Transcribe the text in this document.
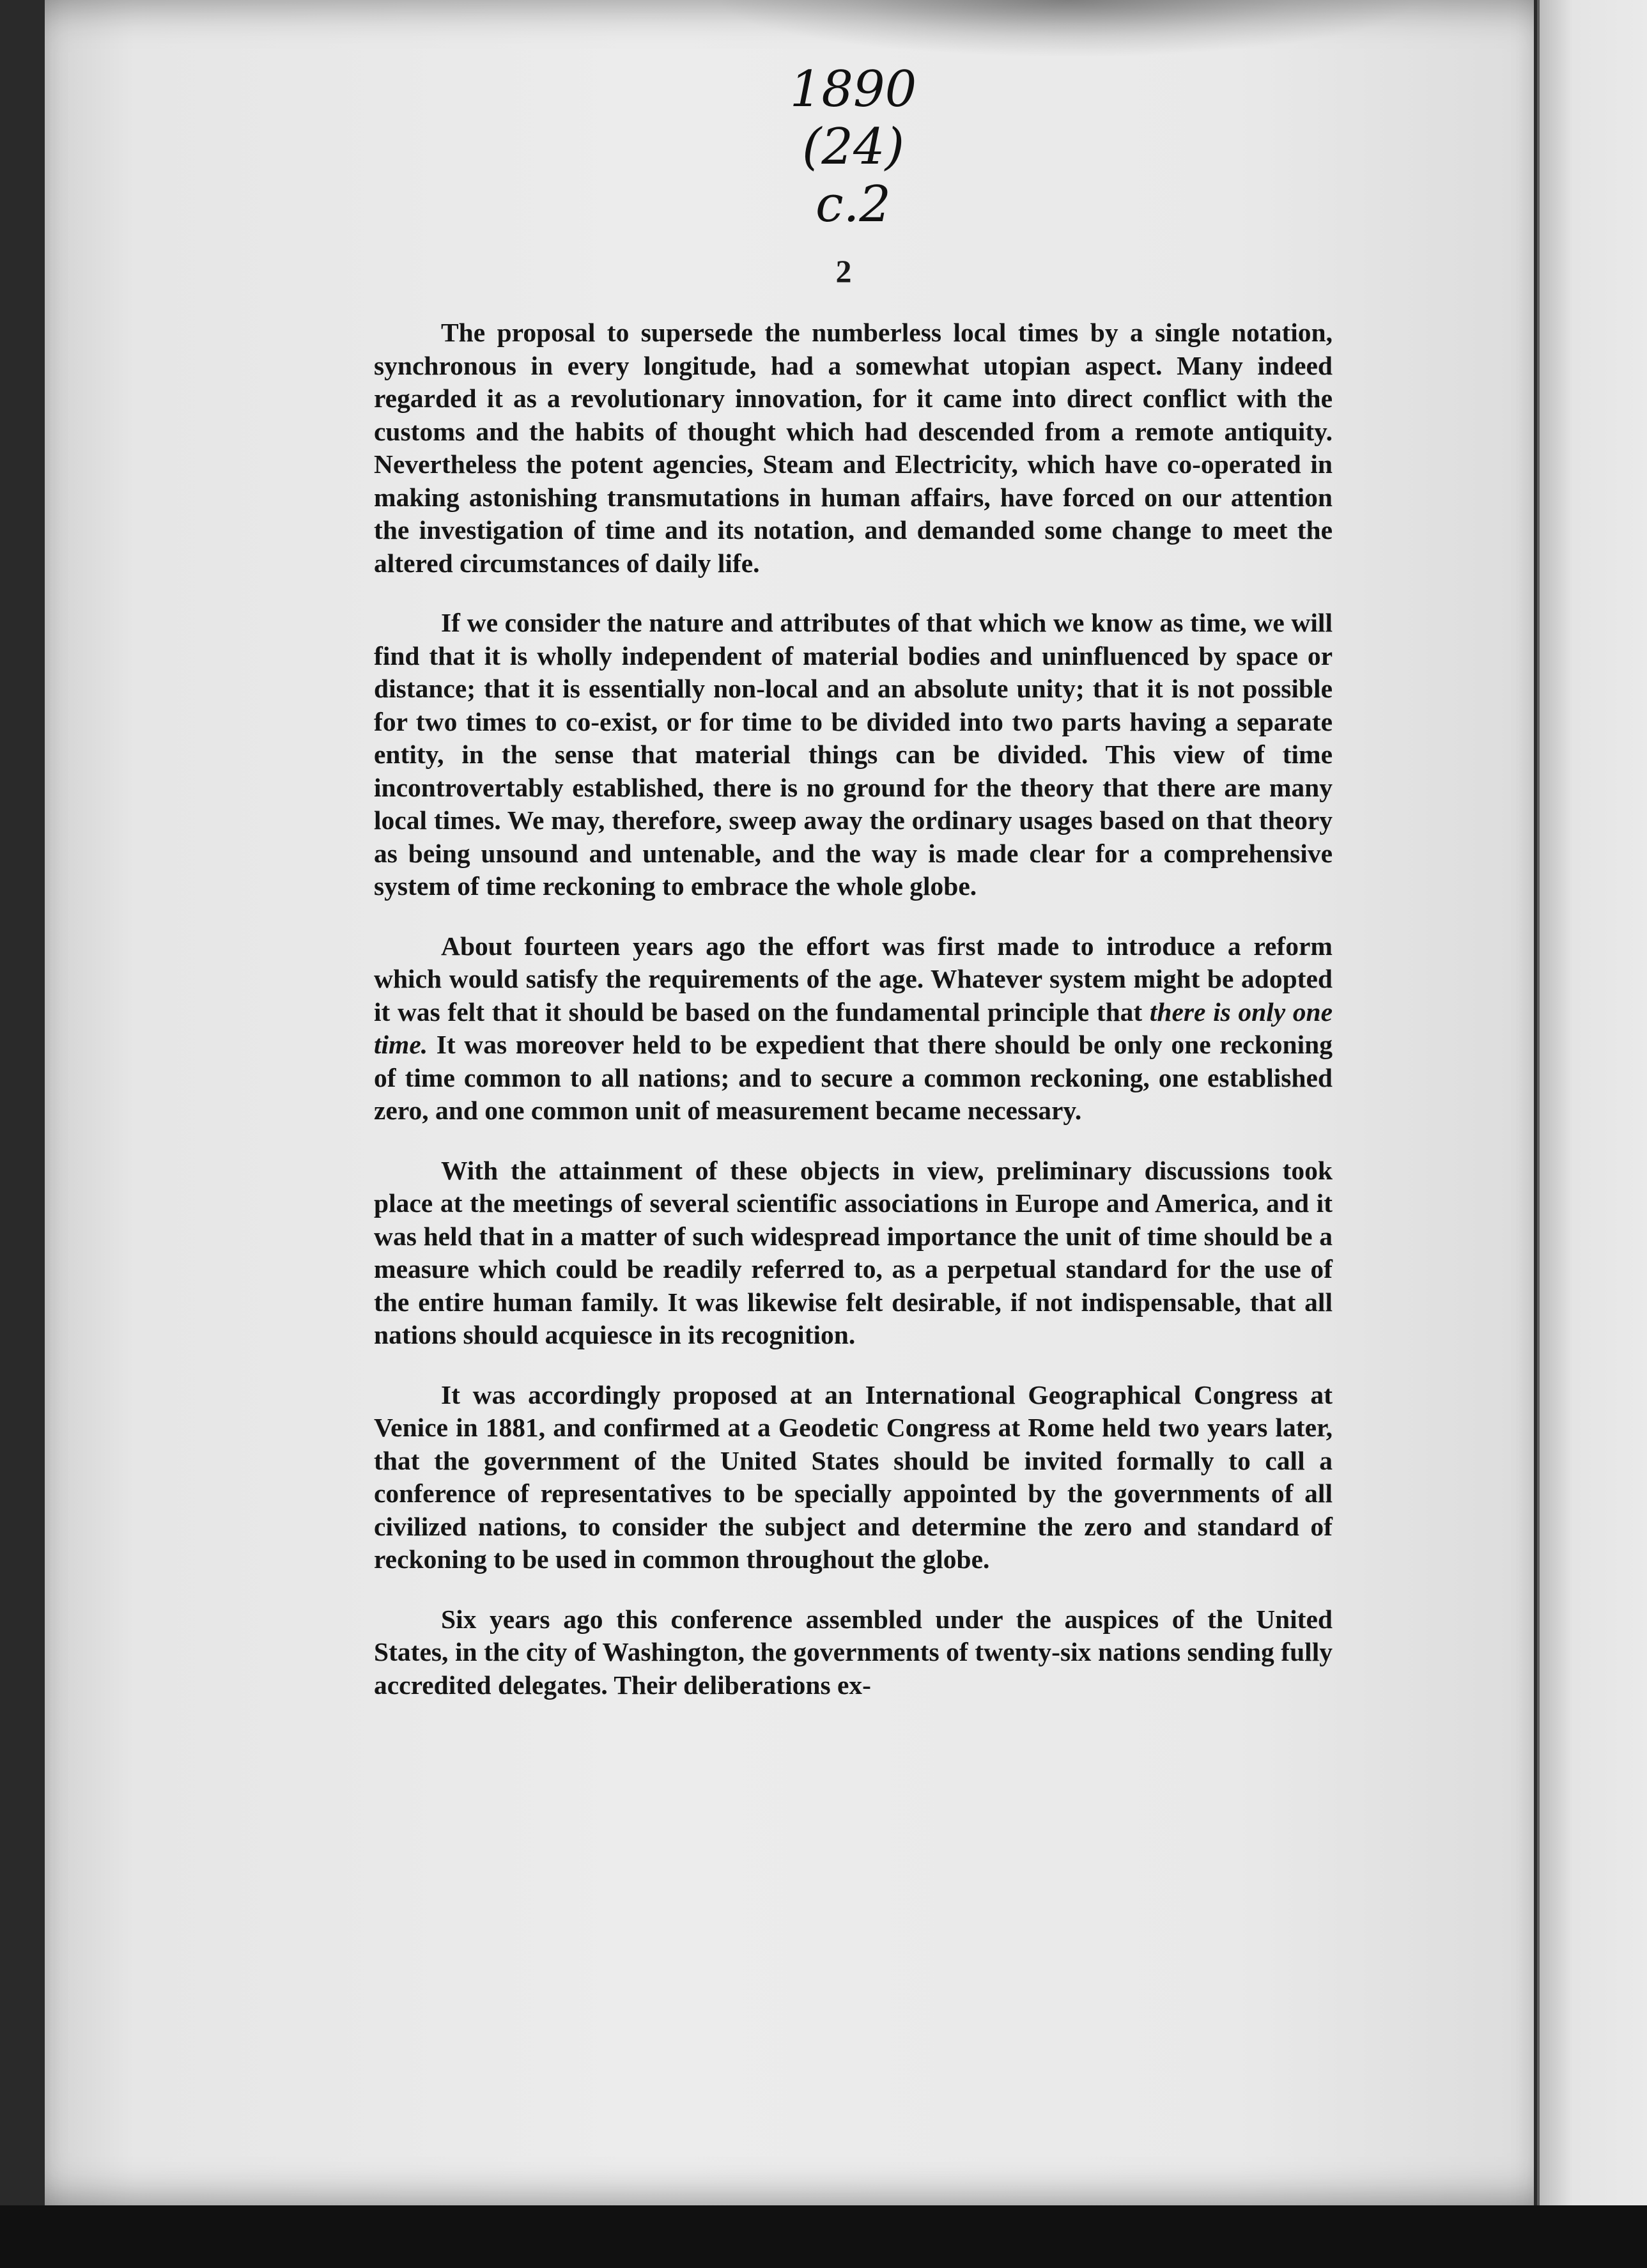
1890
(24)
c.2
2

The proposal to supersede the numberless local times by a single notation, synchronous in every longitude, had a somewhat utopian aspect. Many indeed regarded it as a revolutionary innovation, for it came into direct conflict with the customs and the habits of thought which had descended from a remote antiquity. Nevertheless the potent agencies, Steam and Electricity, which have co-operated in making astonishing transmutations in human affairs, have forced on our attention the investigation of time and its notation, and demanded some change to meet the altered circumstances of daily life.

If we consider the nature and attributes of that which we know as time, we will find that it is wholly independent of material bodies and uninfluenced by space or distance; that it is essentially non-local and an absolute unity; that it is not possible for two times to co-exist, or for time to be divided into two parts having a separate entity, in the sense that material things can be divided. This view of time incontrovertably established, there is no ground for the theory that there are many local times. We may, therefore, sweep away the ordinary usages based on that theory as being unsound and untenable, and the way is made clear for a comprehensive system of time reckoning to embrace the whole globe.

About fourteen years ago the effort was first made to introduce a reform which would satisfy the requirements of the age. Whatever system might be adopted it was felt that it should be based on the fundamental principle that there is only one time. It was moreover held to be expedient that there should be only one reckoning of time common to all nations; and to secure a common reckoning, one established zero, and one common unit of measurement became necessary.

With the attainment of these objects in view, preliminary discussions took place at the meetings of several scientific associations in Europe and America, and it was held that in a matter of such widespread importance the unit of time should be a measure which could be readily referred to, as a perpetual standard for the use of the entire human family. It was likewise felt desirable, if not indispensable, that all nations should acquiesce in its recognition.

It was accordingly proposed at an International Geographical Congress at Venice in 1881, and confirmed at a Geodetic Congress at Rome held two years later, that the government of the United States should be invited formally to call a conference of representatives to be specially appointed by the governments of all civilized nations, to consider the subject and determine the zero and standard of reckoning to be used in common throughout the globe.

Six years ago this conference assembled under the auspices of the United States, in the city of Washington, the governments of twenty-six nations sending fully accredited delegates. Their deliberations ex-
